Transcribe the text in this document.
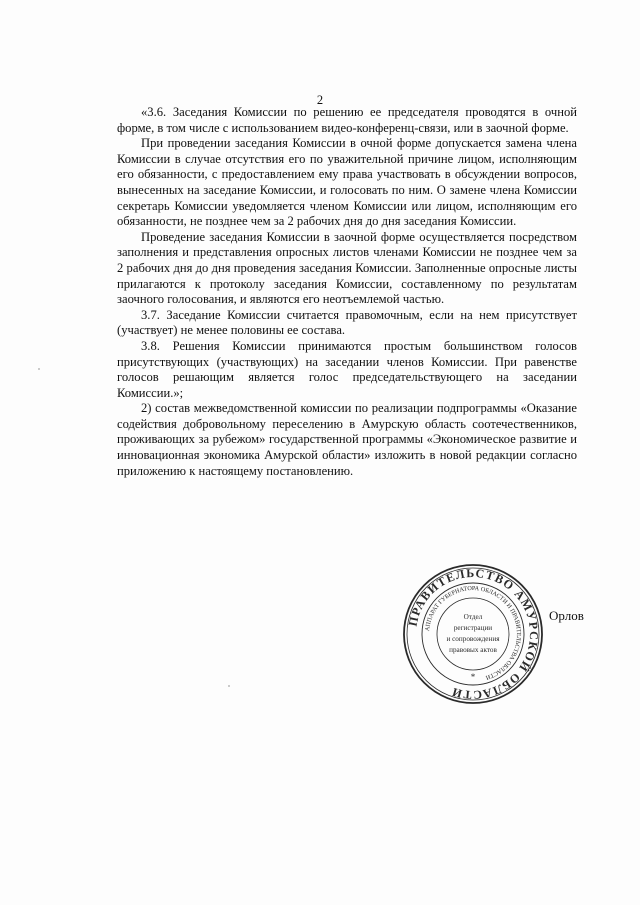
2

«3.6. Заседания Комиссии по решению ее председателя проводятся в очной форме, в том числе с использованием видео-конференц-связи, или в заочной форме.

При проведении заседания Комиссии в очной форме допускается замена члена Комиссии в случае отсутствия его по уважительной причине лицом, исполняющим его обязанности, с предоставлением ему права участвовать в обсуждении вопросов, вынесенных на заседание Комиссии, и голосовать по ним. О замене члена Комиссии секретарь Комиссии уведомляется членом Комиссии или лицом, исполняющим его обязанности, не позднее чем за 2 рабочих дня до дня заседания Комиссии.

Проведение заседания Комиссии в заочной форме осуществляется посредством заполнения и представления опросных листов членами Комиссии не позднее чем за 2 рабочих дня до дня проведения заседания Комиссии. Заполненные опросные листы прилагаются к протоколу заседания Комиссии, составленному по результатам заочного голосования, и являются его неотъемлемой частью.

3.7. Заседание Комиссии считается правомочным, если на нем присутствует (участвует) не менее половины ее состава.

3.8. Решения Комиссии принимаются простым большинством голосов присутствующих (участвующих) на заседании членов Комиссии. При равенстве голосов решающим является голос председательствующего на заседании Комиссии.»;

2) состав межведомственной комиссии по реализации подпрограммы «Оказание содействия добровольному переселению в Амурскую область соотечественников, проживающих за рубежом» государственной программы «Экономическое развитие и инновационная экономика Амурской области» изложить в новой редакции согласно приложению к настоящему постановлению.

ПРАВИТЕЛЬСТВО АМУРСКОЙ ОБЛАСТИ
АППАРАТ ГУБЕРНАТОРА ОБЛАСТИ И ПРАВИТЕЛЬСТВА ОБЛАСТИ
Отдел
регистрации
и сопровождения
правовых актов
*
Орлов
